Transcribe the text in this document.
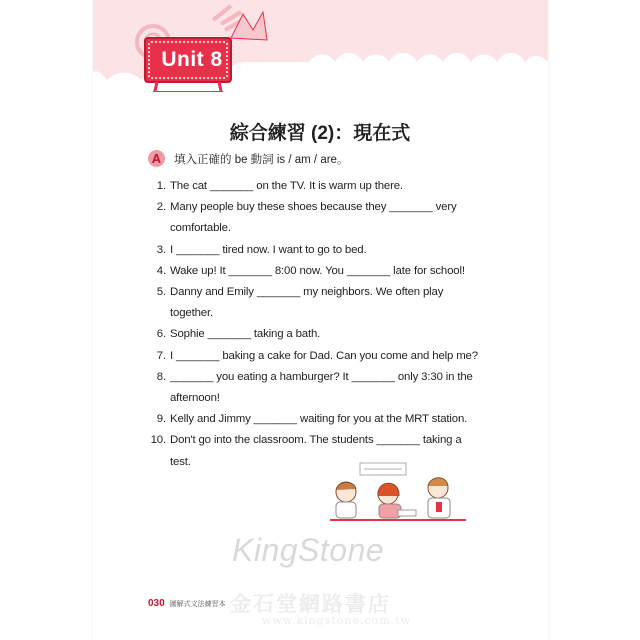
Unit 8
綜合練習 (2)：現在式
A	填入正確的 be 動詞 is / am / are。
1. The cat _______ on the TV. It is warm up there.
2. Many people buy these shoes because they _______ very
comfortable.
3. I _______ tired now. I want to go to bed.
4. Wake up! It _______ 8:00 now. You _______ late for school!
5. Danny and Emily _______ my neighbors. We often play
together.
6. Sophie _______ taking a bath.
7. I _______ baking a cake for Dad. Can you come and help me?
8. _______ you eating a hamburger? It _______ only 3:30 in the
afternoon!
9. Kelly and Jimmy _______ waiting for you at the MRT station.
10. Don't go into the classroom. The students _______ taking a
test.
KingStone
金石堂網路書店
www.kingstone.com.tw
030 圖解式文法練習本
